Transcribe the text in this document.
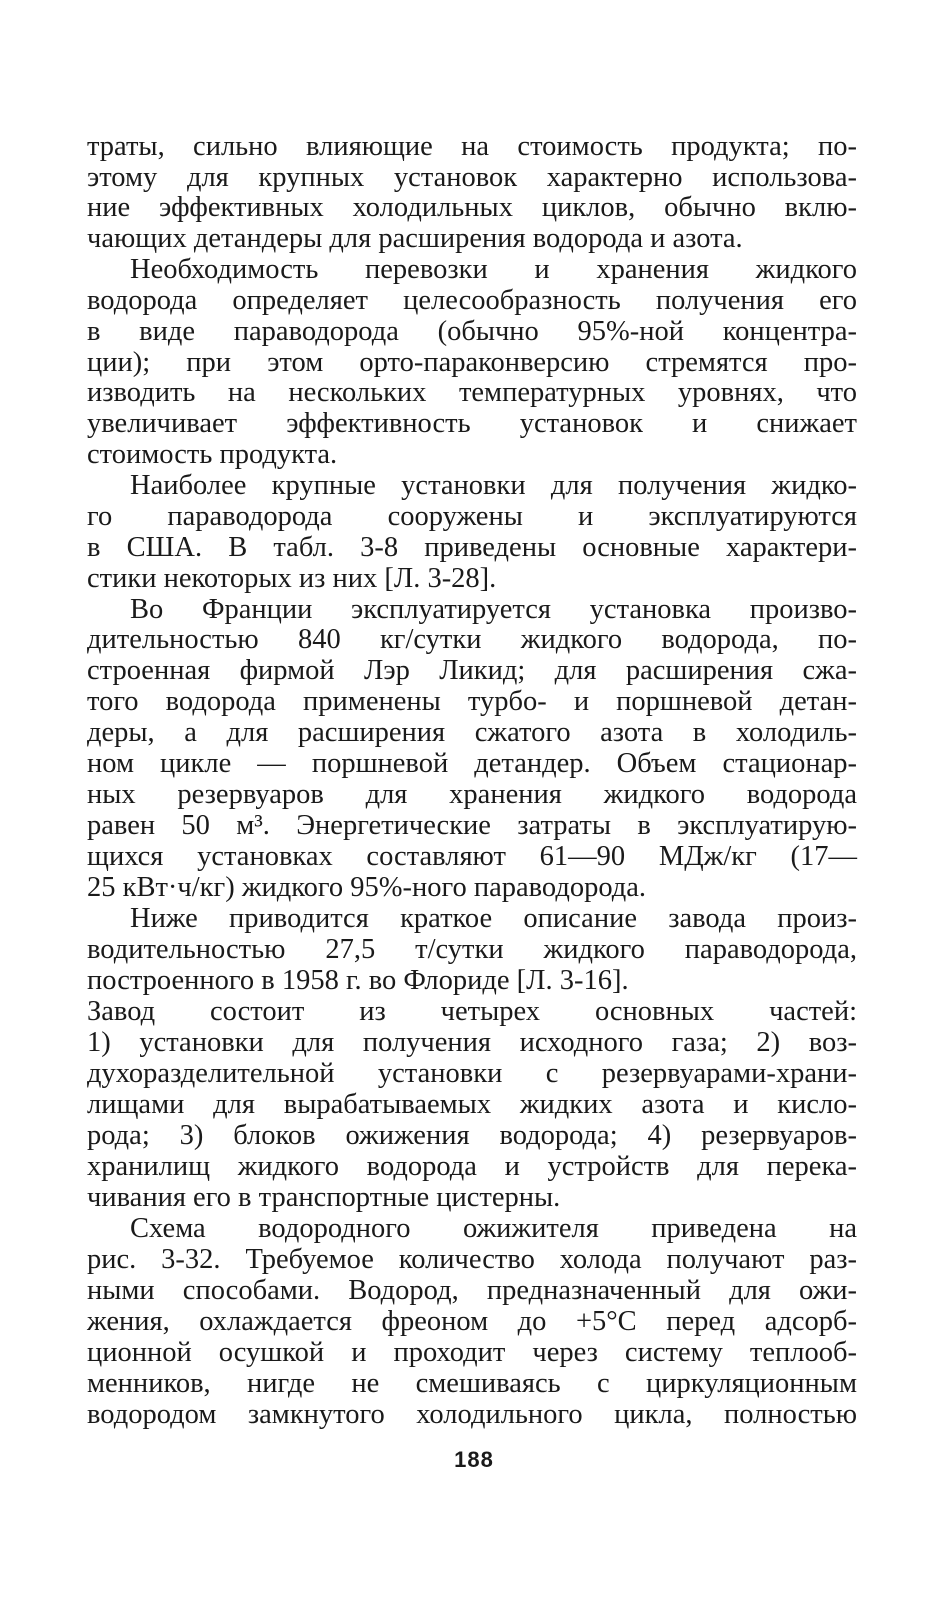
траты, сильно влияющие на стоимость продукта; по-
этому для крупных установок характерно использова-
ние эффективных холодильных циклов, обычно вклю-
чающих детандеры для расширения водорода и азота.
Необходимость перевозки и хранения жидкого
водорода определяет целесообразность получения его
в виде параводорода (обычно 95%-ной концентра-
ции); при этом орто-параконверсию стремятся про-
изводить на нескольких температурных уровнях, что
увеличивает эффективность установок и снижает
стоимость продукта.
Наиболее крупные установки для получения жидко-
го параводорода сооружены и эксплуатируются
в США. В табл. 3-8 приведены основные характери-
стики некоторых из них [Л. 3-28].
Во Франции эксплуатируется установка произво-
дительностью 840 кг/сутки жидкого водорода, по-
строенная фирмой Лэр Ликид; для расширения сжа-
того водорода применены турбо- и поршневой детан-
деры, а для расширения сжатого азота в холодиль-
ном цикле — поршневой детандер. Объем стационар-
ных резервуаров для хранения жидкого водорода
равен 50 м³. Энергетические затраты в эксплуатирую-
щихся установках составляют 61—90 МДж/кг (17—
25 кВт·ч/кг) жидкого 95%-ного параводорода.
Ниже приводится краткое описание завода произ-
водительностью 27,5 т/сутки жидкого параводорода,
построенного в 1958 г. во Флориде [Л. 3-16].
Завод состоит из четырех основных частей:
1) установки для получения исходного газа; 2) воз-
духоразделительной установки с резервуарами-храни-
лищами для вырабатываемых жидких азота и кисло-
рода; 3) блоков ожижения водорода; 4) резервуаров-
хранилищ жидкого водорода и устройств для перека-
чивания его в транспортные цистерны.
Схема водородного ожижителя приведена на
рис. 3-32. Требуемое количество холода получают раз-
ными способами. Водород, предназначенный для ожи-
жения, охлаждается фреоном до +5°С перед адсорб-
ционной осушкой и проходит через систему теплооб-
менников, нигде не смешиваясь с циркуляционным
водородом замкнутого холодильного цикла, полностью
188
